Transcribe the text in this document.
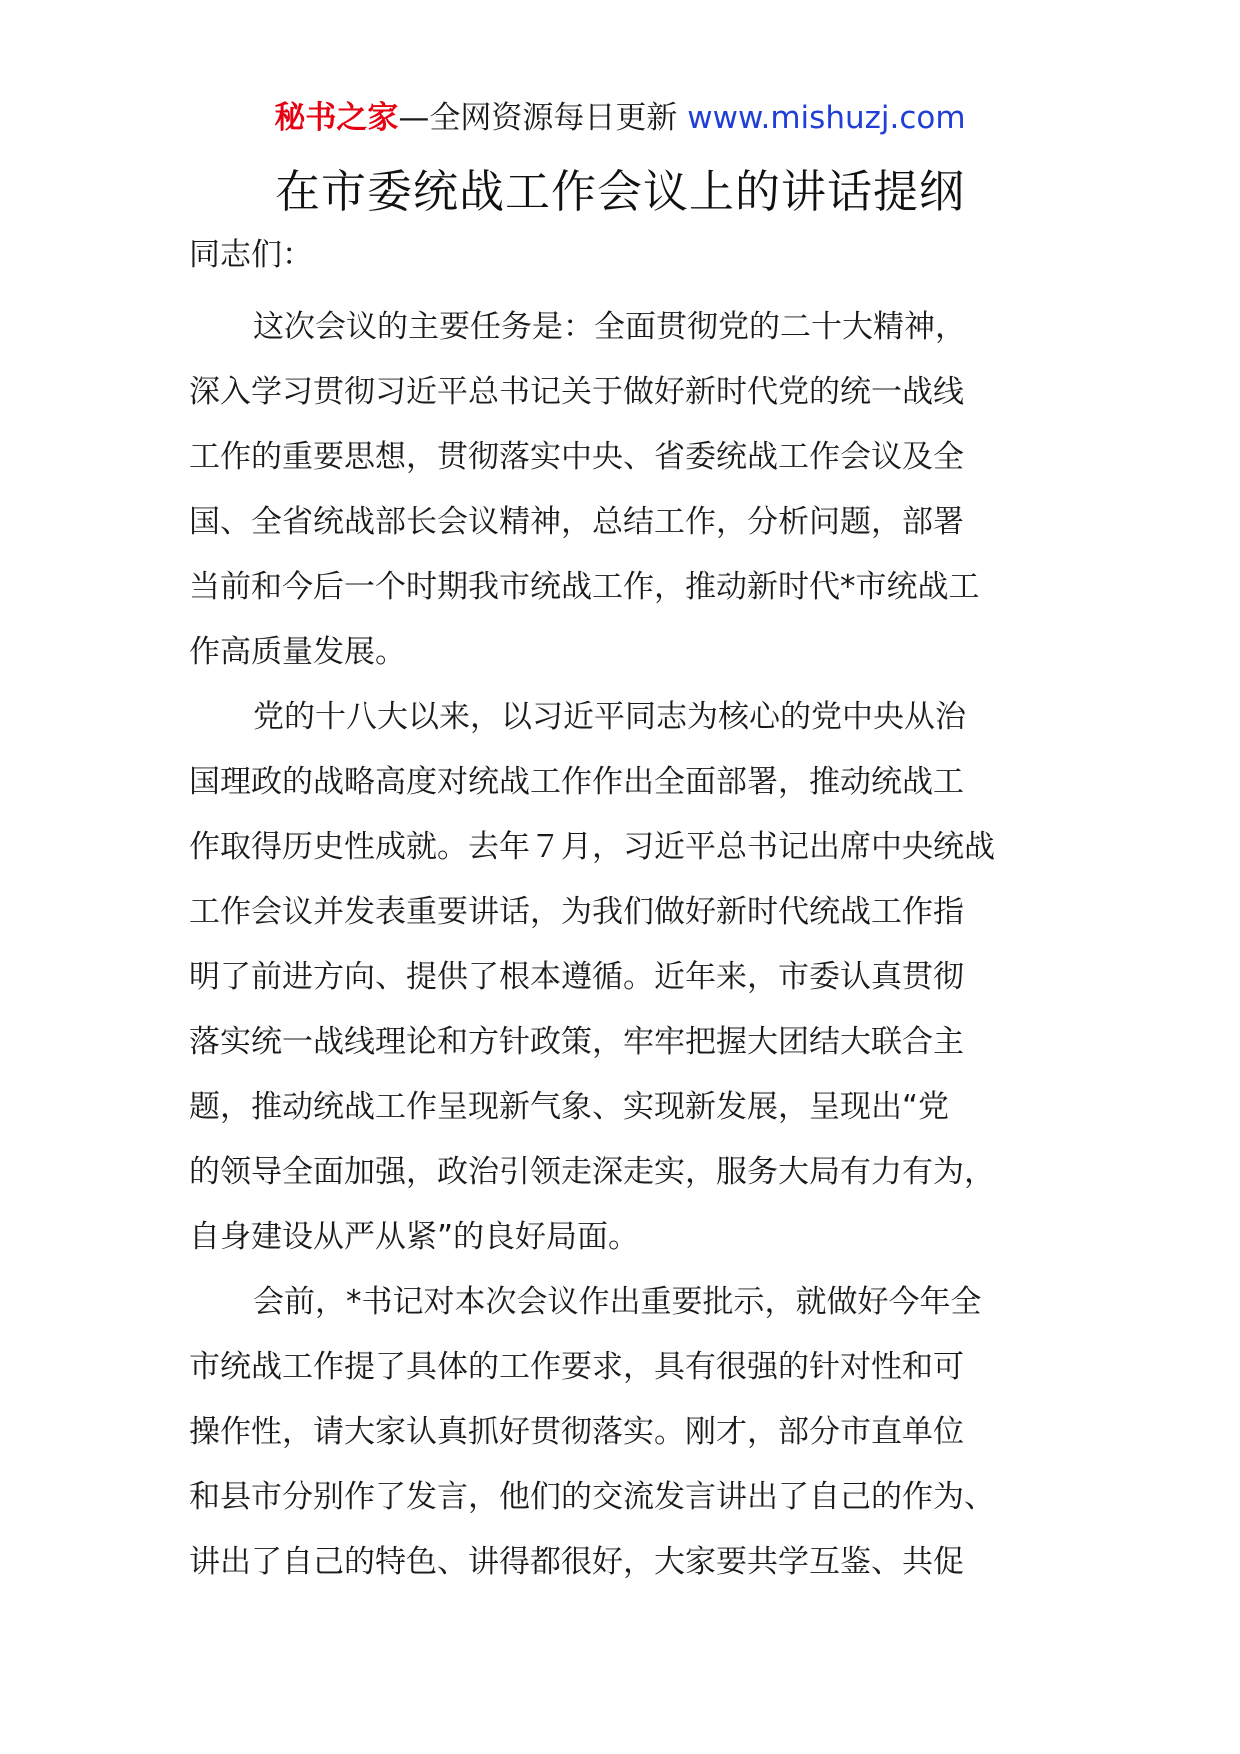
秘书之家—全网资源每日更新 www.mishuzj.com
在市委统战工作会议上的讲话提纲

同志们：

这次会议的主要任务是：全面贯彻党的二十大精神，
深入学习贯彻习近平总书记关于做好新时代党的统一战线
工作的重要思想，贯彻落实中央、省委统战工作会议及全
国、全省统战部长会议精神，总结工作，分析问题，部署
当前和今后一个时期我市统战工作，推动新时代*市统战工
作高质量发展。

党的十八大以来，以习近平同志为核心的党中央从治
国理政的战略高度对统战工作作出全面部署，推动统战工
作取得历史性成就。去年７月，习近平总书记出席中央统战
工作会议并发表重要讲话，为我们做好新时代统战工作指
明了前进方向、提供了根本遵循。近年来，市委认真贯彻
落实统一战线理论和方针政策，牢牢把握大团结大联合主
题，推动统战工作呈现新气象、实现新发展，呈现出“党
的领导全面加强，政治引领走深走实，服务大局有力有为，
自身建设从严从紧”的良好局面。

会前，*书记对本次会议作出重要批示，就做好今年全
市统战工作提了具体的工作要求，具有很强的针对性和可
操作性，请大家认真抓好贯彻落实。刚才，部分市直单位
和县市分别作了发言，他们的交流发言讲出了自己的作为、
讲出了自己的特色、讲得都很好，大家要共学互鉴、共促
